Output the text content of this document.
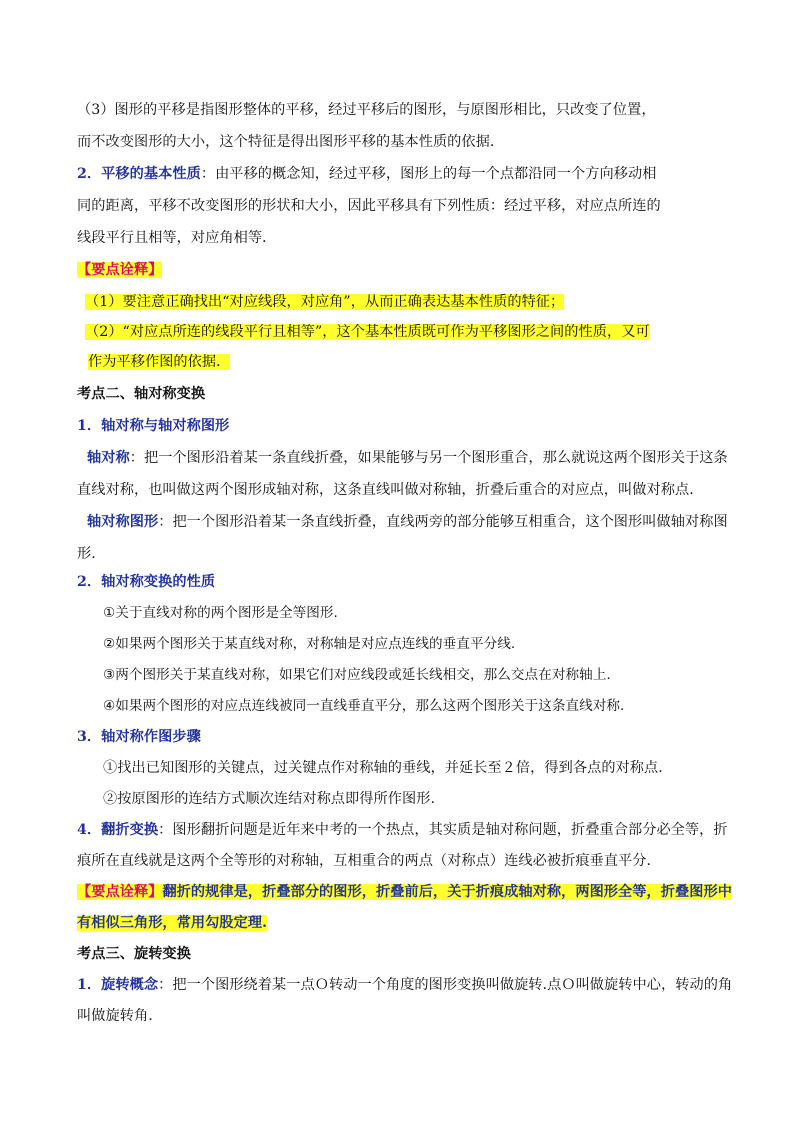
（3）图形的平移是指图形整体的平移，经过平移后的图形，与原图形相比，只改变了位置，
而不改变图形的大小，这个特征是得出图形平移的基本性质的依据．
2．平移的基本性质：由平移的概念知，经过平移，图形上的每一个点都沿同一个方向移动相
同的距离，平移不改变图形的形状和大小，因此平移具有下列性质：经过平移，对应点所连的
线段平行且相等，对应角相等．
【要点诠释】
（1）要注意正确找出“对应线段，对应角”，从而正确表达基本性质的特征；
（2）“对应点所连的线段平行且相等”，这个基本性质既可作为平移图形之间的性质，又可
作为平移作图的依据．
考点二、轴对称变换
1．轴对称与轴对称图形
轴对称：把一个图形沿着某一条直线折叠，如果能够与另一个图形重合，那么就说这两个图形关于这条
直线对称，也叫做这两个图形成轴对称，这条直线叫做对称轴，折叠后重合的对应点，叫做对称点.
轴对称图形：把一个图形沿着某一条直线折叠，直线两旁的部分能够互相重合，这个图形叫做轴对称图
形.
2．轴对称变换的性质
①关于直线对称的两个图形是全等图形.
②如果两个图形关于某直线对称，对称轴是对应点连线的垂直平分线.
③两个图形关于某直线对称，如果它们对应线段或延长线相交，那么交点在对称轴上.
④如果两个图形的对应点连线被同一直线垂直平分，那么这两个图形关于这条直线对称.
3．轴对称作图步骤
①找出已知图形的关键点，过关键点作对称轴的垂线，并延长至２倍，得到各点的对称点.
②按原图形的连结方式顺次连结对称点即得所作图形.
4．翻折变换：图形翻折问题是近年来中考的一个热点，其实质是轴对称问题，折叠重合部分必全等，折
痕所在直线就是这两个全等形的对称轴，互相重合的两点（对称点）连线必被折痕垂直平分.
【要点诠释】翻折的规律是，折叠部分的图形，折叠前后，关于折痕成轴对称，两图形全等，折叠图形中
有相似三角形，常用勾股定理.
考点三、旋转变换
1．旋转概念：把一个图形绕着某一点Ｏ转动一个角度的图形变换叫做旋转.点Ｏ叫做旋转中心，转动的角
叫做旋转角.
